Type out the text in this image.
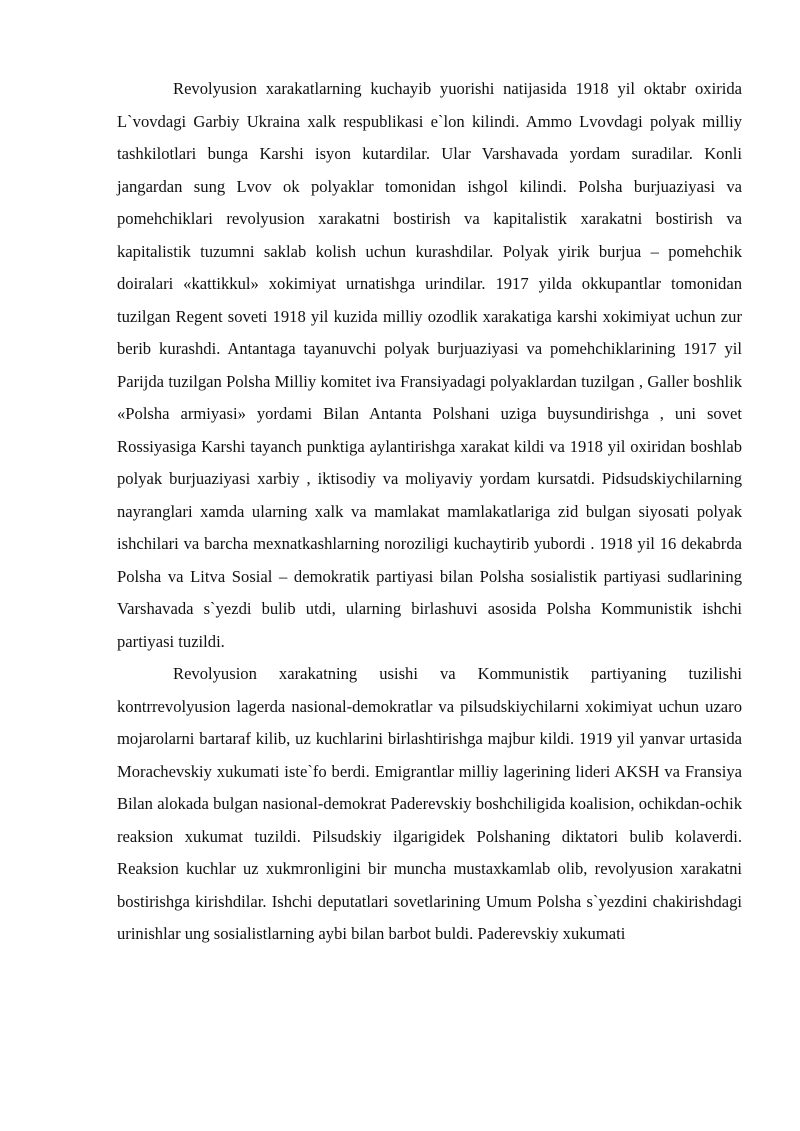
Revolyusion xarakatlarning kuchayib yuorishi natijasida 1918 yil oktabr oxirida L`vovdagi Garbiy Ukraina xalk respublikasi e`lon kilindi. Ammo Lvovdagi polyak milliy tashkilotlari bunga Karshi isyon kutardilar. Ular Varshavada yordam suradilar. Konli jangardan sung Lvov ok polyaklar tomonidan ishgol kilindi. Polsha burjuaziyasi va pomehchiklari revolyusion xarakatni bostirish va kapitalistik xarakatni bostirish va kapitalistik tuzumni saklab kolish uchun kurashdilar. Polyak yirik burjua – pomehchik doiralari «kattikkul» xokimiyat urnatishga urindilar. 1917 yilda okkupantlar tomonidan tuzilgan Regent soveti 1918 yil kuzida milliy ozodlik xarakatiga karshi xokimiyat uchun zur berib kurashdi. Antantaga tayanuvchi polyak burjuaziyasi va pomehchiklarining 1917 yil Parijda tuzilgan Polsha Milliy komitet iva Fransiyadagi polyaklardan tuzilgan , Galler boshlik «Polsha armiyasi» yordami Bilan Antanta Polshani uziga buysundirishga , uni sovet Rossiyasiga Karshi tayanch punktiga aylantirishga xarakat kildi va 1918 yil oxiridan boshlab polyak burjuaziyasi xarbiy , iktisodiy va moliyaviy yordam kursatdi. Pidsudskiychilarning nayranglari xamda ularning xalk va mamlakat mamlakatlariga zid bulgan siyosati polyak ishchilari va barcha mexnatkashlarning noroziligi kuchaytirib yubordi . 1918 yil 16 dekabrda Polsha va Litva Sosial – demokratik partiyasi bilan Polsha sosialistik partiyasi sudlarining Varshavada s`yezdi bulib utdi, ularning birlashuvi asosida Polsha Kommunistik ishchi partiyasi tuzildi.

Revolyusion xarakatning usishi va Kommunistik partiyaning tuzilishi kontrrevolyusion lagerda nasional-demokratlar va pilsudskiychilarni xokimiyat uchun uzaro mojarolarni bartaraf kilib, uz kuchlarini birlashtirishga majbur kildi. 1919 yil yanvar urtasida Morachevskiy xukumati iste`fo berdi. Emigrantlar milliy lagerining lideri AKSH va Fransiya Bilan alokada bulgan nasional-demokrat Paderevskiy boshchiligida koalision, ochikdan-ochik reaksion xukumat tuzildi. Pilsudskiy ilgarigidek Polshaning diktatori bulib kolaverdi. Reaksion kuchlar uz xukmronligini bir muncha mustaxkamlab olib, revolyusion xarakatni bostirishga kirishdilar. Ishchi deputatlari sovetlarining Umum Polsha s`yezdini chakirishdagi urinishlar ung sosialistlarning aybi bilan barbot buldi. Paderevskiy xukumati
